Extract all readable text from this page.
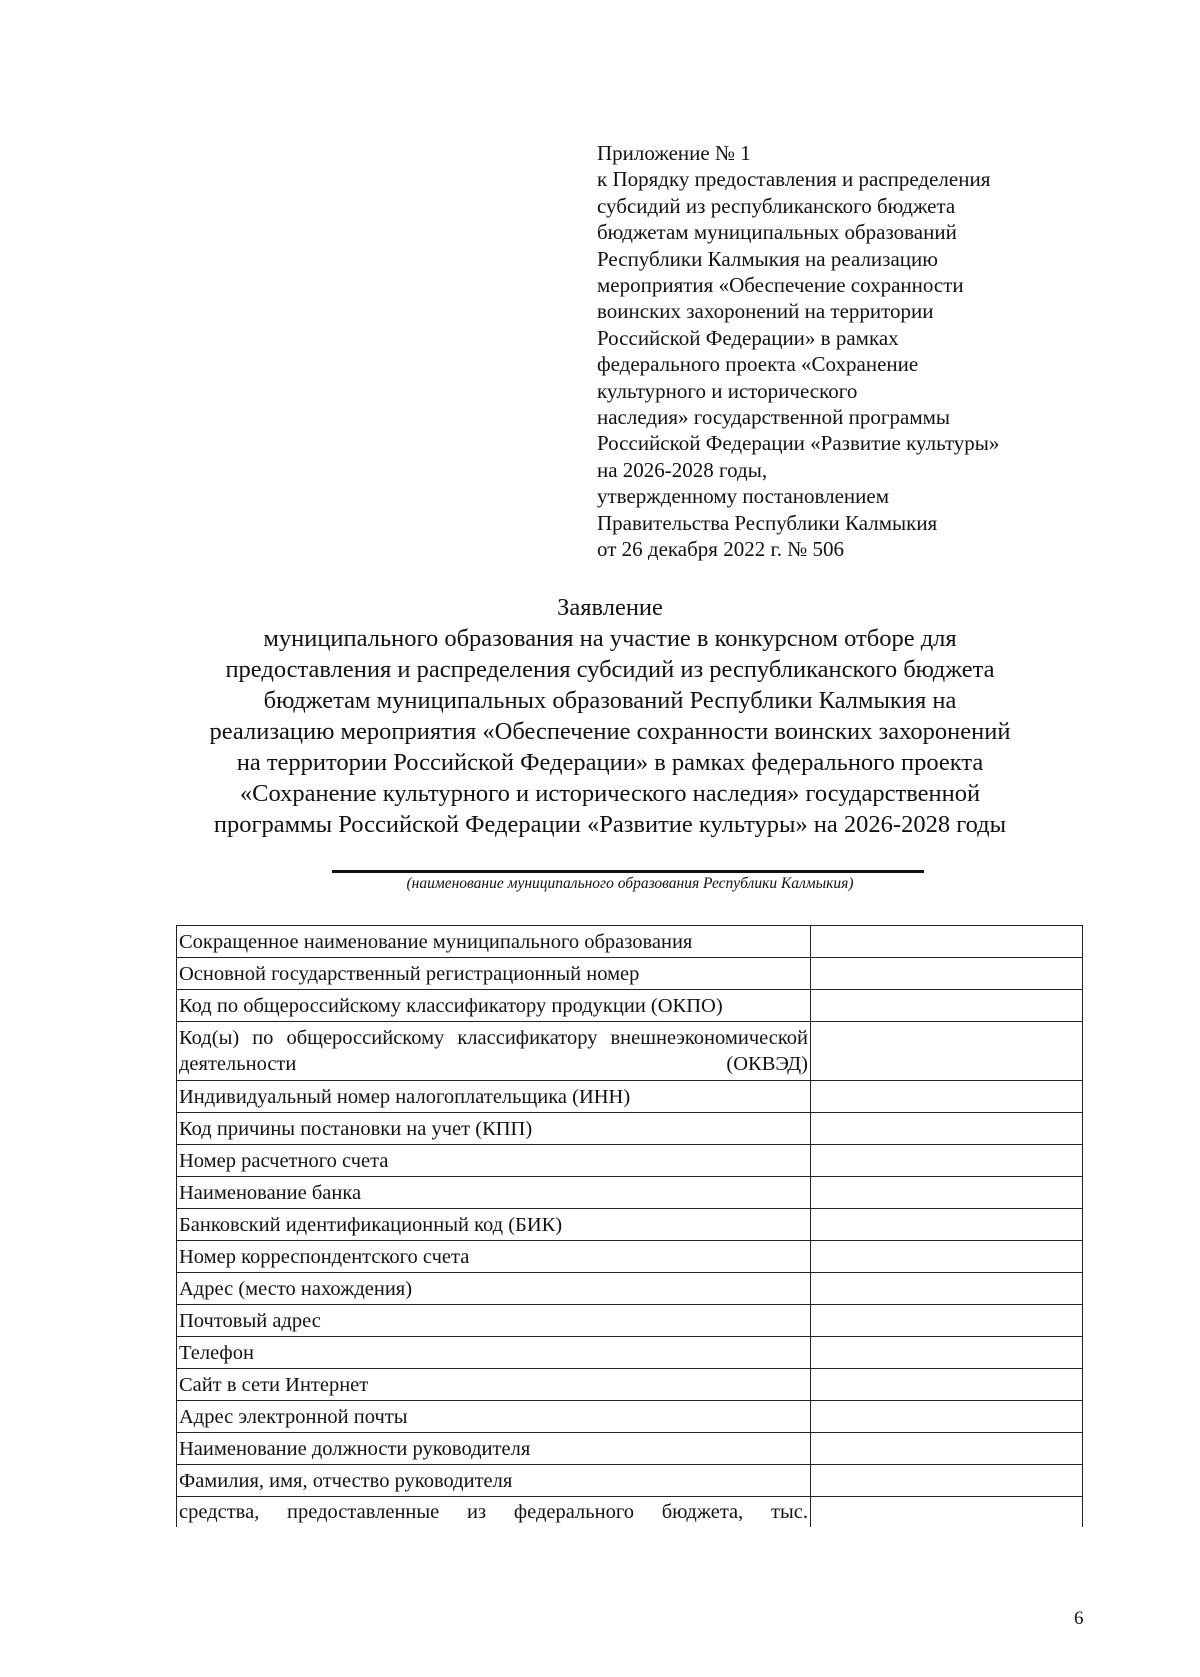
Приложение № 1
к Порядку предоставления и распределения
субсидий из республиканского бюджета
бюджетам муниципальных образований
Республики Калмыкия на реализацию
мероприятия «Обеспечение сохранности
воинских захоронений на территории
Российской Федерации» в рамках
федерального проекта «Сохранение
культурного и исторического
наследия» государственной программы
Российской Федерации «Развитие культуры»
на 2026-2028 годы,
утвержденному постановлением
Правительства Республики Калмыкия
от 26 декабря 2022 г. № 506
Заявление
муниципального образования на участие в конкурсном отборе для
предоставления и распределения субсидий из республиканского бюджета
бюджетам муниципальных образований Республики Калмыкия на
реализацию мероприятия «Обеспечение сохранности воинских захоронений
на территории Российской Федерации» в рамках федерального проекта
«Сохранение культурного и исторического наследия» государственной
программы Российской Федерации «Развитие культуры» на 2026-2028 годы
(наименование муниципального образования Республики Калмыкия)
Сокращенное наименование муниципального образования	
Основной государственный регистрационный номер	
Код по общероссийскому классификатору продукции (ОКПО)	
Код(ы) по общероссийскому классификатору внешнеэкономической деятельности (ОКВЭД)	
Индивидуальный номер налогоплательщика (ИНН)	
Код причины постановки на учет (КПП)	
Номер расчетного счета	
Наименование банка	
Банковский идентификационный код (БИК)	
Номер корреспондентского счета	
Адрес (место нахождения)	
Почтовый адрес	
Телефон	
Сайт в сети Интернет	
Адрес электронной почты	
Наименование должности руководителя	
Фамилия, имя, отчество руководителя	
средства, предоставленные из федерального бюджета, тыс.	
6
